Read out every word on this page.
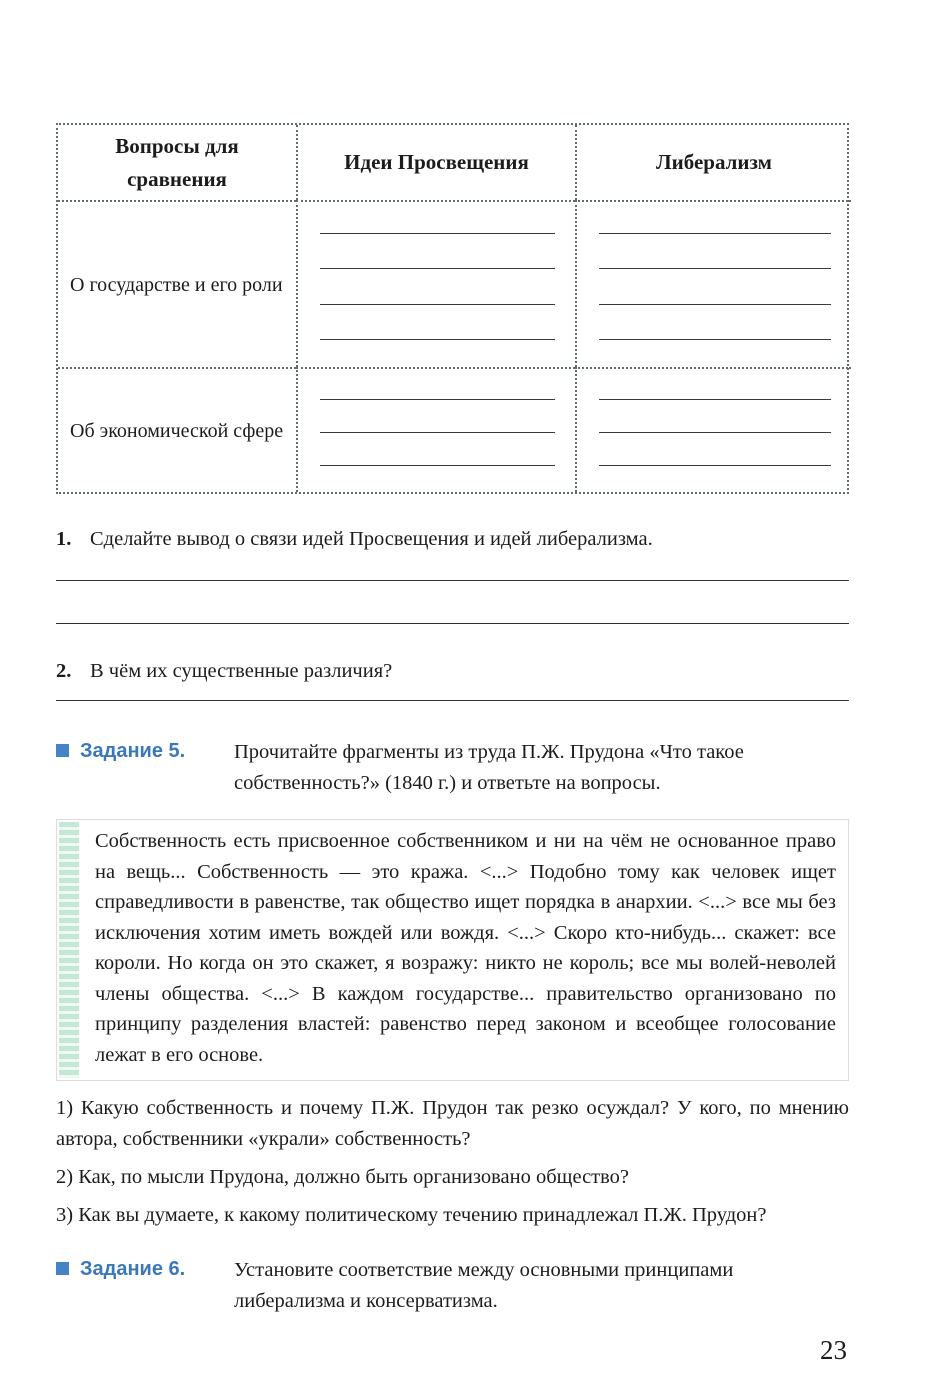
Вопросы для сравнения
Идеи Просвещения	Либерализм
О государстве и его роли
Об экономической сфере
1. Сделайте вывод о связи идей Просвещения и идей либерализма.
2. В чём их существенные различия?
Задание 5. Прочитайте фрагменты из труда П.Ж. Прудона «Что такое собственность?» (1840 г.) и ответьте на вопросы.
Собственность есть присвоенное собственником и ни на чём не основанное право на вещь... Собственность — это кража. <...> Подобно тому как человек ищет справедливости в равенстве, так общество ищет порядка в анархии. <...> все мы без исключения хотим иметь вождей или вождя. <...> Скоро кто-нибудь... скажет: все короли. Но когда он это скажет, я возражу: никто не король; все мы волей-неволей члены общества. <...> В каждом государстве... правительство организовано по принципу разделения властей: равенство перед законом и всеобщее голосование лежат в его основе.

1) Какую собственность и почему П.Ж. Прудон так резко осуждал? У кого, по мнению автора, собственники «украли» собственность?

2) Как, по мысли Прудона, должно быть организовано общество?

3) Как вы думаете, к какому политическому течению принадлежал П.Ж. Прудон?

Задание 6. Установите соответствие между основными принципами либерализма и консерватизма.
23
